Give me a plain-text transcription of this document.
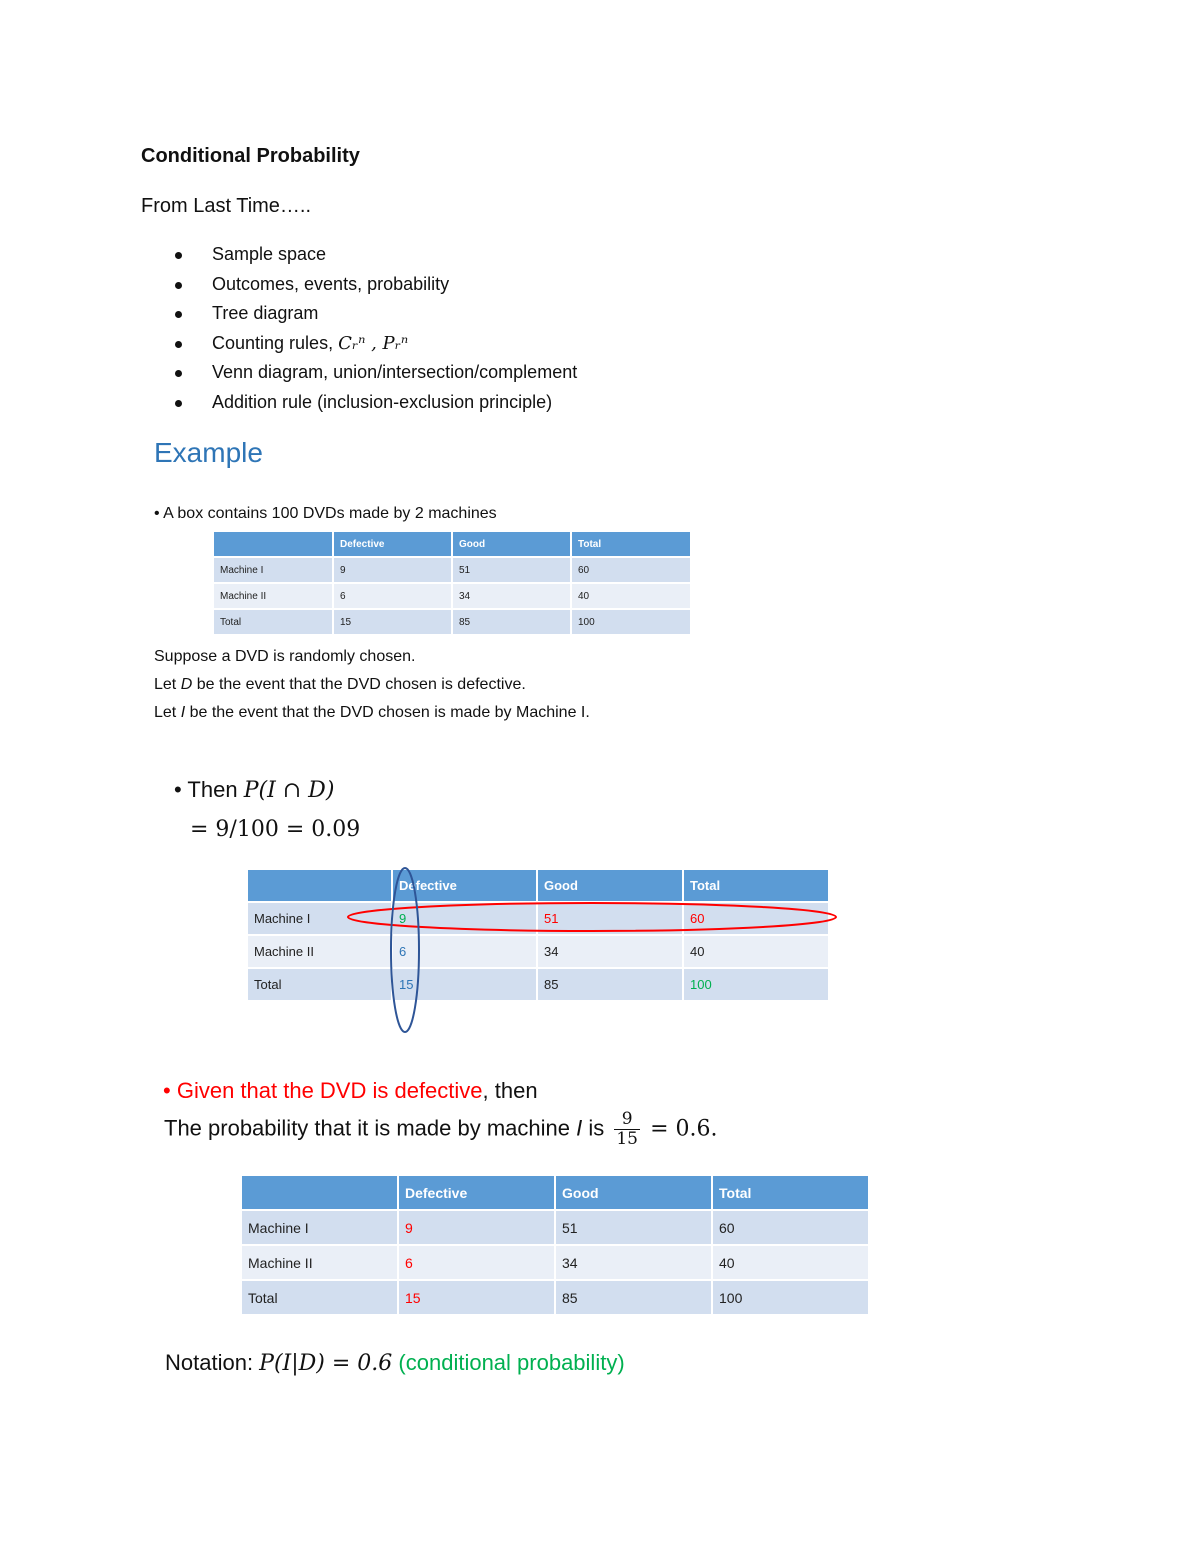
Conditional Probability
From Last Time…..
Sample space
Outcomes, events, probability
Tree diagram
Counting rules, Cᵣⁿ , Pᵣⁿ
Venn diagram, union/intersection/complement
Addition rule (inclusion-exclusion principle)
Example
• A box contains 100 DVDs made by 2 machines
	Defective	Good	Total
Machine I	9	51	60
Machine II	6	34	40
Total	15	85	100
Suppose a DVD is randomly chosen.
Let D be the event that the DVD chosen is defective.
Let I be the event that the DVD chosen is made by Machine I.
• Then P(I ∩ D)
= 9/100 = 0.09
	Defective	Good	Total
Machine I	9	51	60
Machine II	6	34	40
Total	15	85	100
• Given that the DVD is defective, then
The probability that it is made by machine I is $\frac{9}{15} = 0.6$.
	Defective	Good	Total
Machine I	9	51	60
Machine II	6	34	40
Total	15	85	100
Notation: P(I|D) = 0.6 (conditional probability)
